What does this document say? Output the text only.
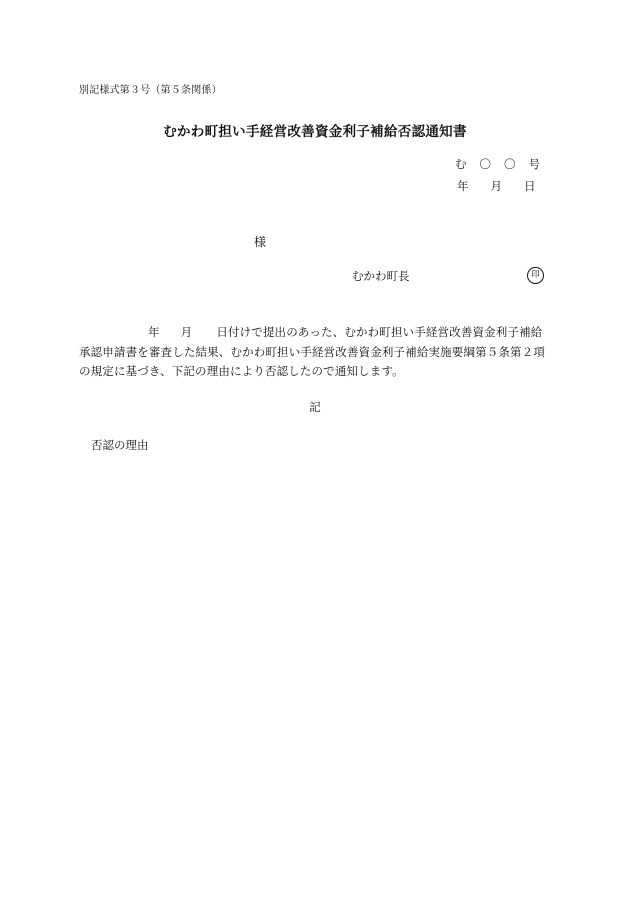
別記様式第３号（第５条関係）
むかわ町担い手経営改善資金利子補給否認通知書
む 〇 〇 号
年 月 日
様
むかわ町長	印
年 月 日付けで提出のあった、むかわ町担い手経営改善資金利子補給
承認申請書を審査した結果、むかわ町担い手経営改善資金利子補給実施要綱第５条第２項
の規定に基づき、下記の理由により否認したので通知します。
記
否認の理由
